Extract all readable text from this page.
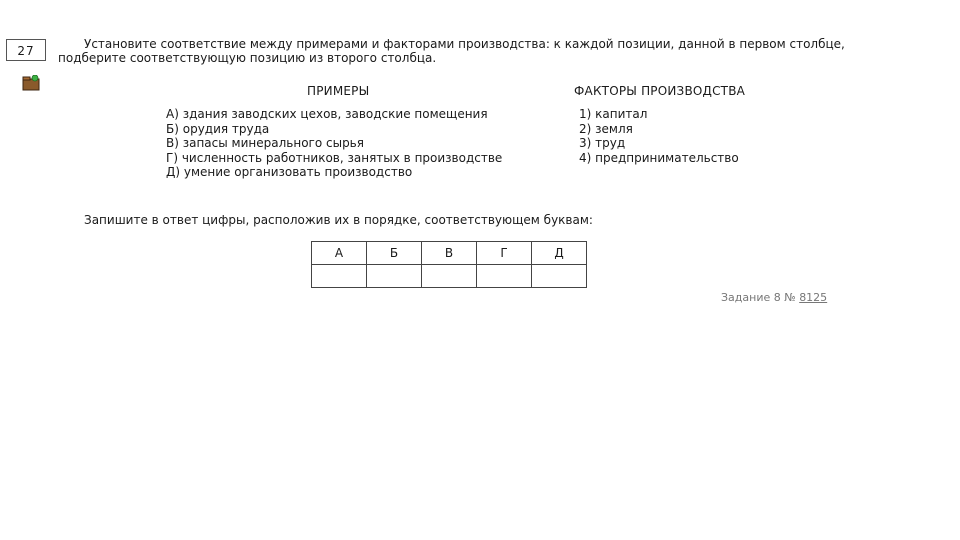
27	Установите соответствие между примерами и факторами производства: к каждой позиции, данной в первом столбце, подберите соответствующую позицию из второго столбца.

ПРИМЕРЫ	ФАКТОРЫ ПРОИЗВОДСТВА
А) здания заводских цехов, заводские помещения
Б) орудия труда
В) запасы минерального сырья
Г) численность работников, занятых в производстве
Д) умение организовать производство
1) капитал
2) земля
3) труд
4) предпринимательство
Запишите в ответ цифры, расположив их в порядке, соответствующем буквам:
А	Б	В	Г	Д

Задание 8 № 8125
